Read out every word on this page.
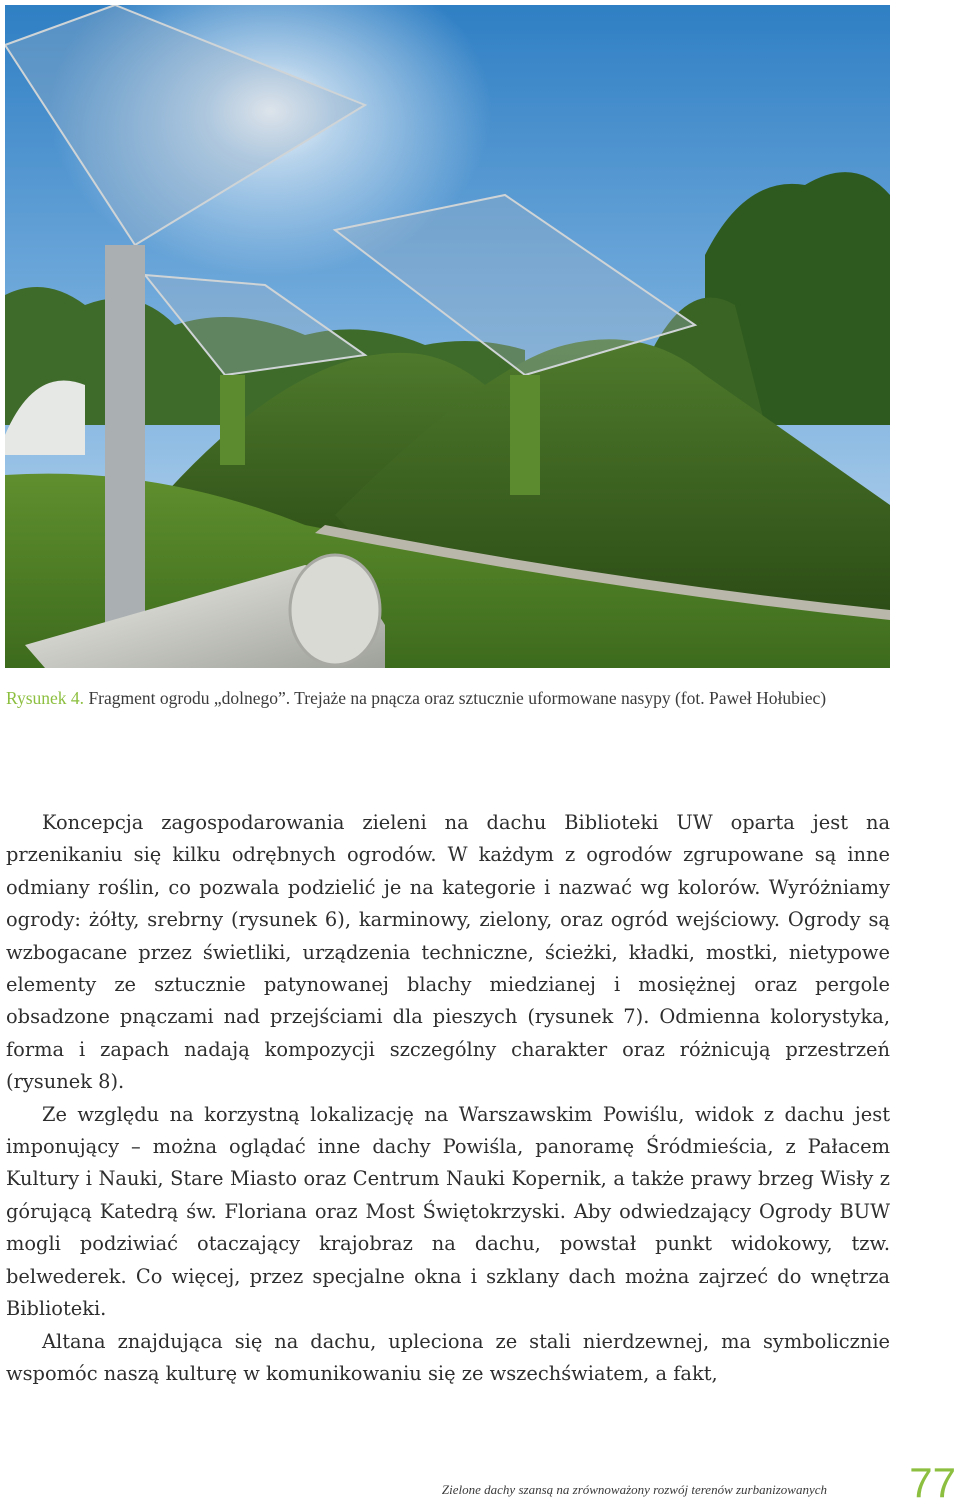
Rysunek 4. Fragment ogrodu „dolnego”. Trejaże na pnącza oraz sztucznie uformowane nasypy (fot. Paweł Hołubiec)

Koncepcja zagospodarowania zieleni na dachu Biblioteki UW oparta jest na przenikaniu się kilku odrębnych ogrodów. W każdym z ogrodów zgrupowane są inne odmiany roślin, co pozwala podzielić je na kategorie i nazwać wg kolorów. Wyróżniamy ogrody: żółty, srebrny (rysunek 6), karminowy, zielony, oraz ogród wejściowy. Ogrody są wzbogacane przez świetliki, urządzenia techniczne, ścieżki, kładki, mostki, nietypowe elementy ze sztucznie patynowanej blachy miedzianej i mosiężnej oraz pergole obsadzone pnączami nad przejściami dla pieszych (rysunek 7). Odmienna kolorystyka, forma i zapach nadają kompozycji szczególny charakter oraz różnicują przestrzeń (rysunek 8).

Ze względu na korzystną lokalizację na Warszawskim Powiślu, widok z dachu jest imponujący – można oglądać inne dachy Powiśla, panoramę Śródmieścia, z Pałacem Kultury i Nauki, Stare Miasto oraz Centrum Nauki Kopernik, a także prawy brzeg Wisły z górującą Katedrą św. Floriana oraz Most Świętokrzyski. Aby odwiedzający Ogrody BUW mogli podziwiać otaczający krajobraz na dachu, powstał punkt widokowy, tzw. belwederek. Co więcej, przez specjalne okna i szklany dach można zajrzeć do wnętrza Biblioteki.

Altana znajdująca się na dachu, upleciona ze stali nierdzewnej, ma symbolicznie wspomóc naszą kulturę w komunikowaniu się ze wszechświatem, a fakt,

Zielone dachy szansą na zrównoważony rozwój terenów zurbanizowanych 77
